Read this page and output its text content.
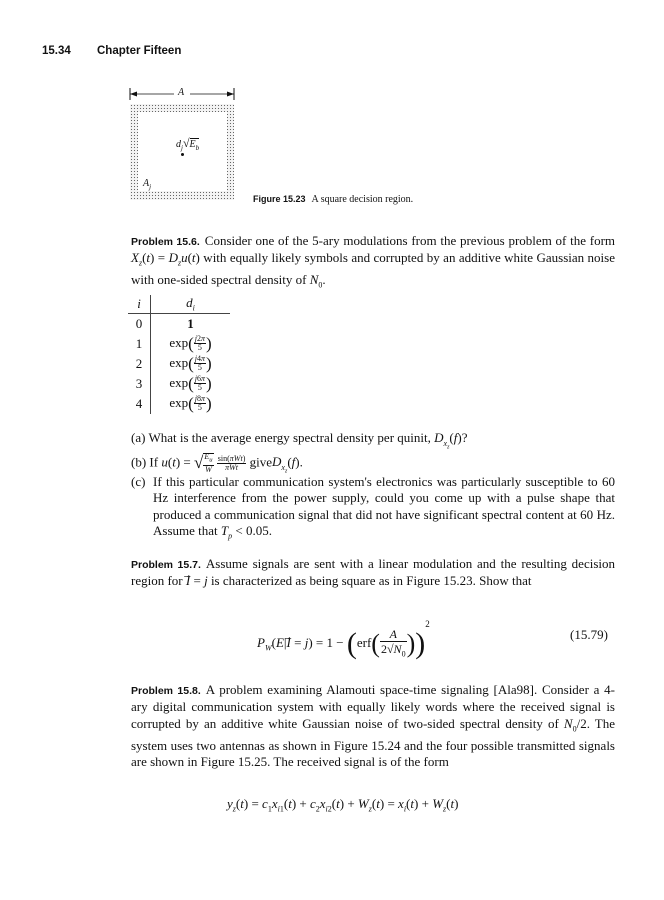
15.34 Chapter Fifteen
A
$d_j√E_b$
$A_j$
Figure 15.23 A square decision region.
Problem 15.6. Consider one of the 5-ary modulations from the previous problem of the form $X_z(t) = D_zu(t)$ with equally likely symbols and corrupted by an additive white Gaussian noise with one-sided spectral density of $N_0$.
i	$d_i$
0	1
1	$\exp( \frac{j2\pi}{5}$ )
2	$\exp( \frac{j4\pi}{5}$ )
3	$\exp( \frac{j6\pi}{5}$ )
4	$\exp( \frac{j8\pi}{5}$ )
(a) What is the average energy spectral density per quinit, $D_{x_z}(f)$?
(b) If u(t) = √ $\frac{E_u}{W}$
$\frac{\text{sin(πWt)}}{\text{πWt}}$ giveD$_{x_z}$(f).
(c) If this particular communication system's electronics was particularly susceptible to 60 Hz interference from the power supply, could you come up with a pulse shape that produced a communication signal that did not have significant spectral content at 60 Hz. Assume that $T_p < 0.05$.
Problem 15.7. Assume signals are sent with a linear modulation and the resulting decision region for I⃗ = j is characterized as being square as in Figure 15.23. Show that
$P_W(E|I⃗ = j) = 1 - (erf( \frac{A}{2√N_0} ))^2$
(15.79)
Problem 15.8. A problem examining Alamouti space-time signaling [Ala98]. Consider a 4-ary digital communication system with equally likely words where the received signal is corrupted by an additive white Gaussian noise of two-sided spectral density of $N_0/2$. The system uses two antennas as shown in Figure 15.24 and the four possible transmitted signals are shown in Figure 15.25. The received signal is of the form
$y_z(t) = c_1x_{i1}(t) + c_2x_{i2}(t) + W_z(t) = x_i(t) + W_z(t)$
